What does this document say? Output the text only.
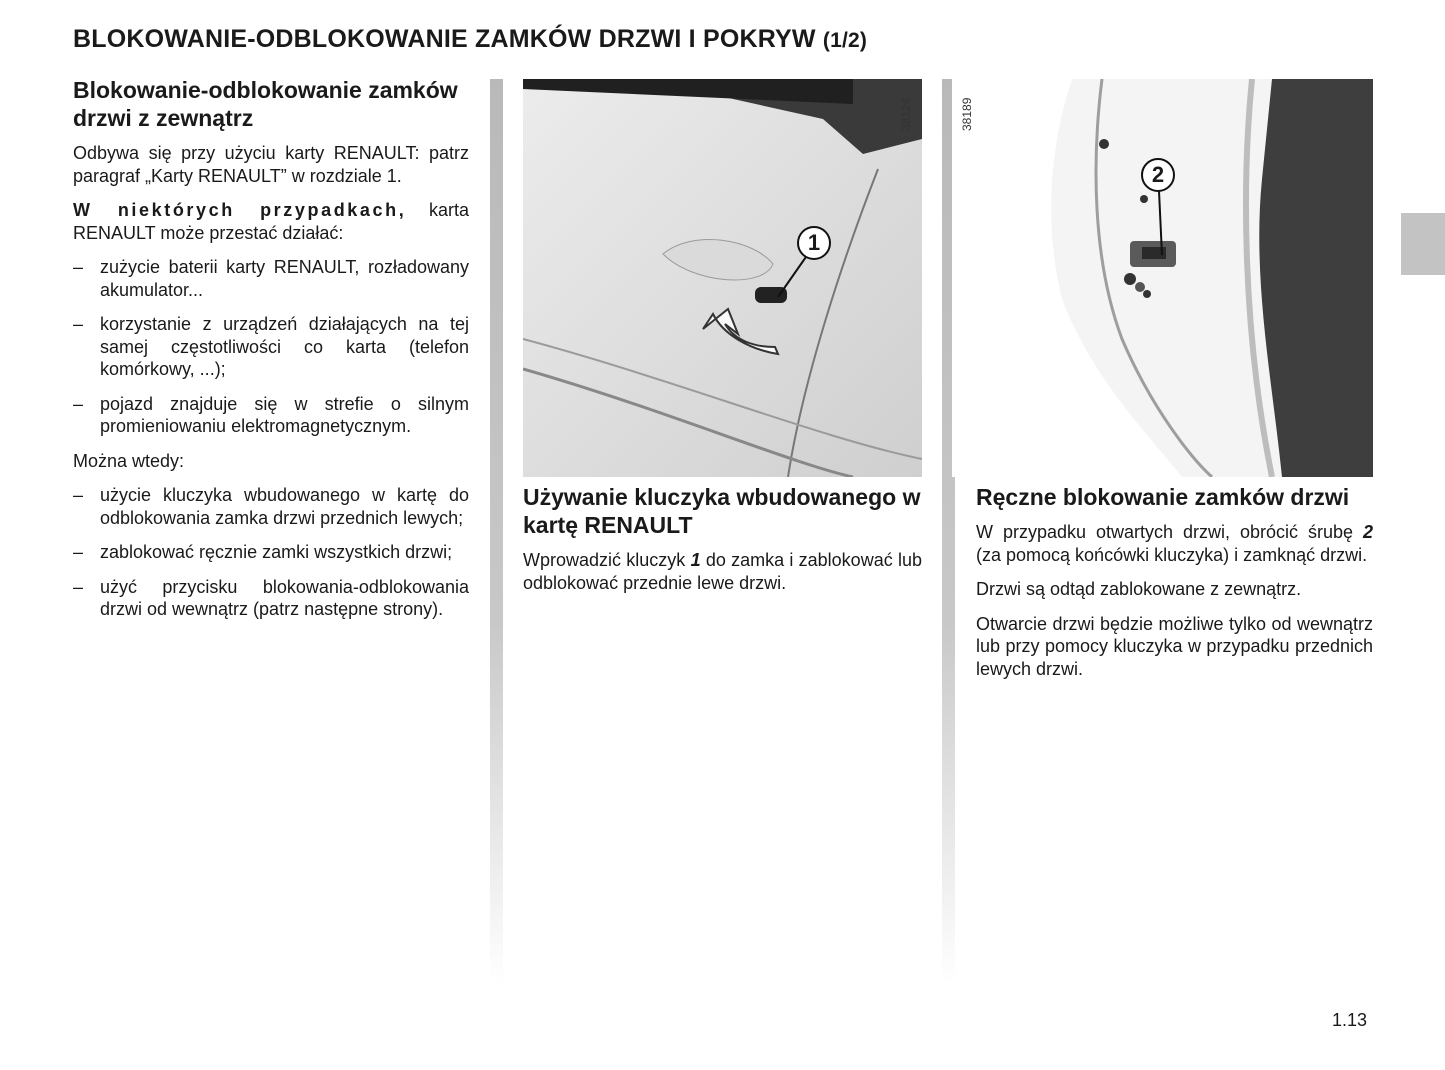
BLOKOWANIE-ODBLOKOWANIE ZAMKÓW DRZWI I POKRYW (1/2)
Blokowanie-odblokowanie zamków drzwi z zewnątrz

Odbywa się przy użyciu karty RENAULT: patrz paragraf „Karty RENAULT” w rozdziale 1.

W niektórych przypadkach, karta RENAULT może przestać działać:

– zużycie baterii karty RENAULT, rozładowany akumulator...
– korzystanie z urządzeń działających na tej samej częstotliwości co karta (telefon komórkowy, ...);
– pojazd znajduje się w strefie o silnym promieniowaniu elektromagnetycznym.

Można wtedy:

– użycie kluczyka wbudowanego w kartę do odblokowania zamka drzwi przednich lewych;
– zablokować ręcznie zamki wszystkich drzwi;
– użyć przycisku blokowania-odblokowania drzwi od wewnątrz (patrz następne strony).
38124
1
38189
2
Używanie kluczyka wbudowanego w kartę RENAULT

Wprowadzić kluczyk 1 do zamka i zablokować lub odblokować przednie lewe drzwi.

Ręczne blokowanie zamków drzwi

W przypadku otwartych drzwi, obrócić śrubę 2 (za pomocą końcówki kluczyka) i zamknąć drzwi.

Drzwi są odtąd zablokowane z zewnątrz.

Otwarcie drzwi będzie możliwe tylko od wewnątrz lub przy pomocy kluczyka w przypadku przednich lewych drzwi.

1.13
